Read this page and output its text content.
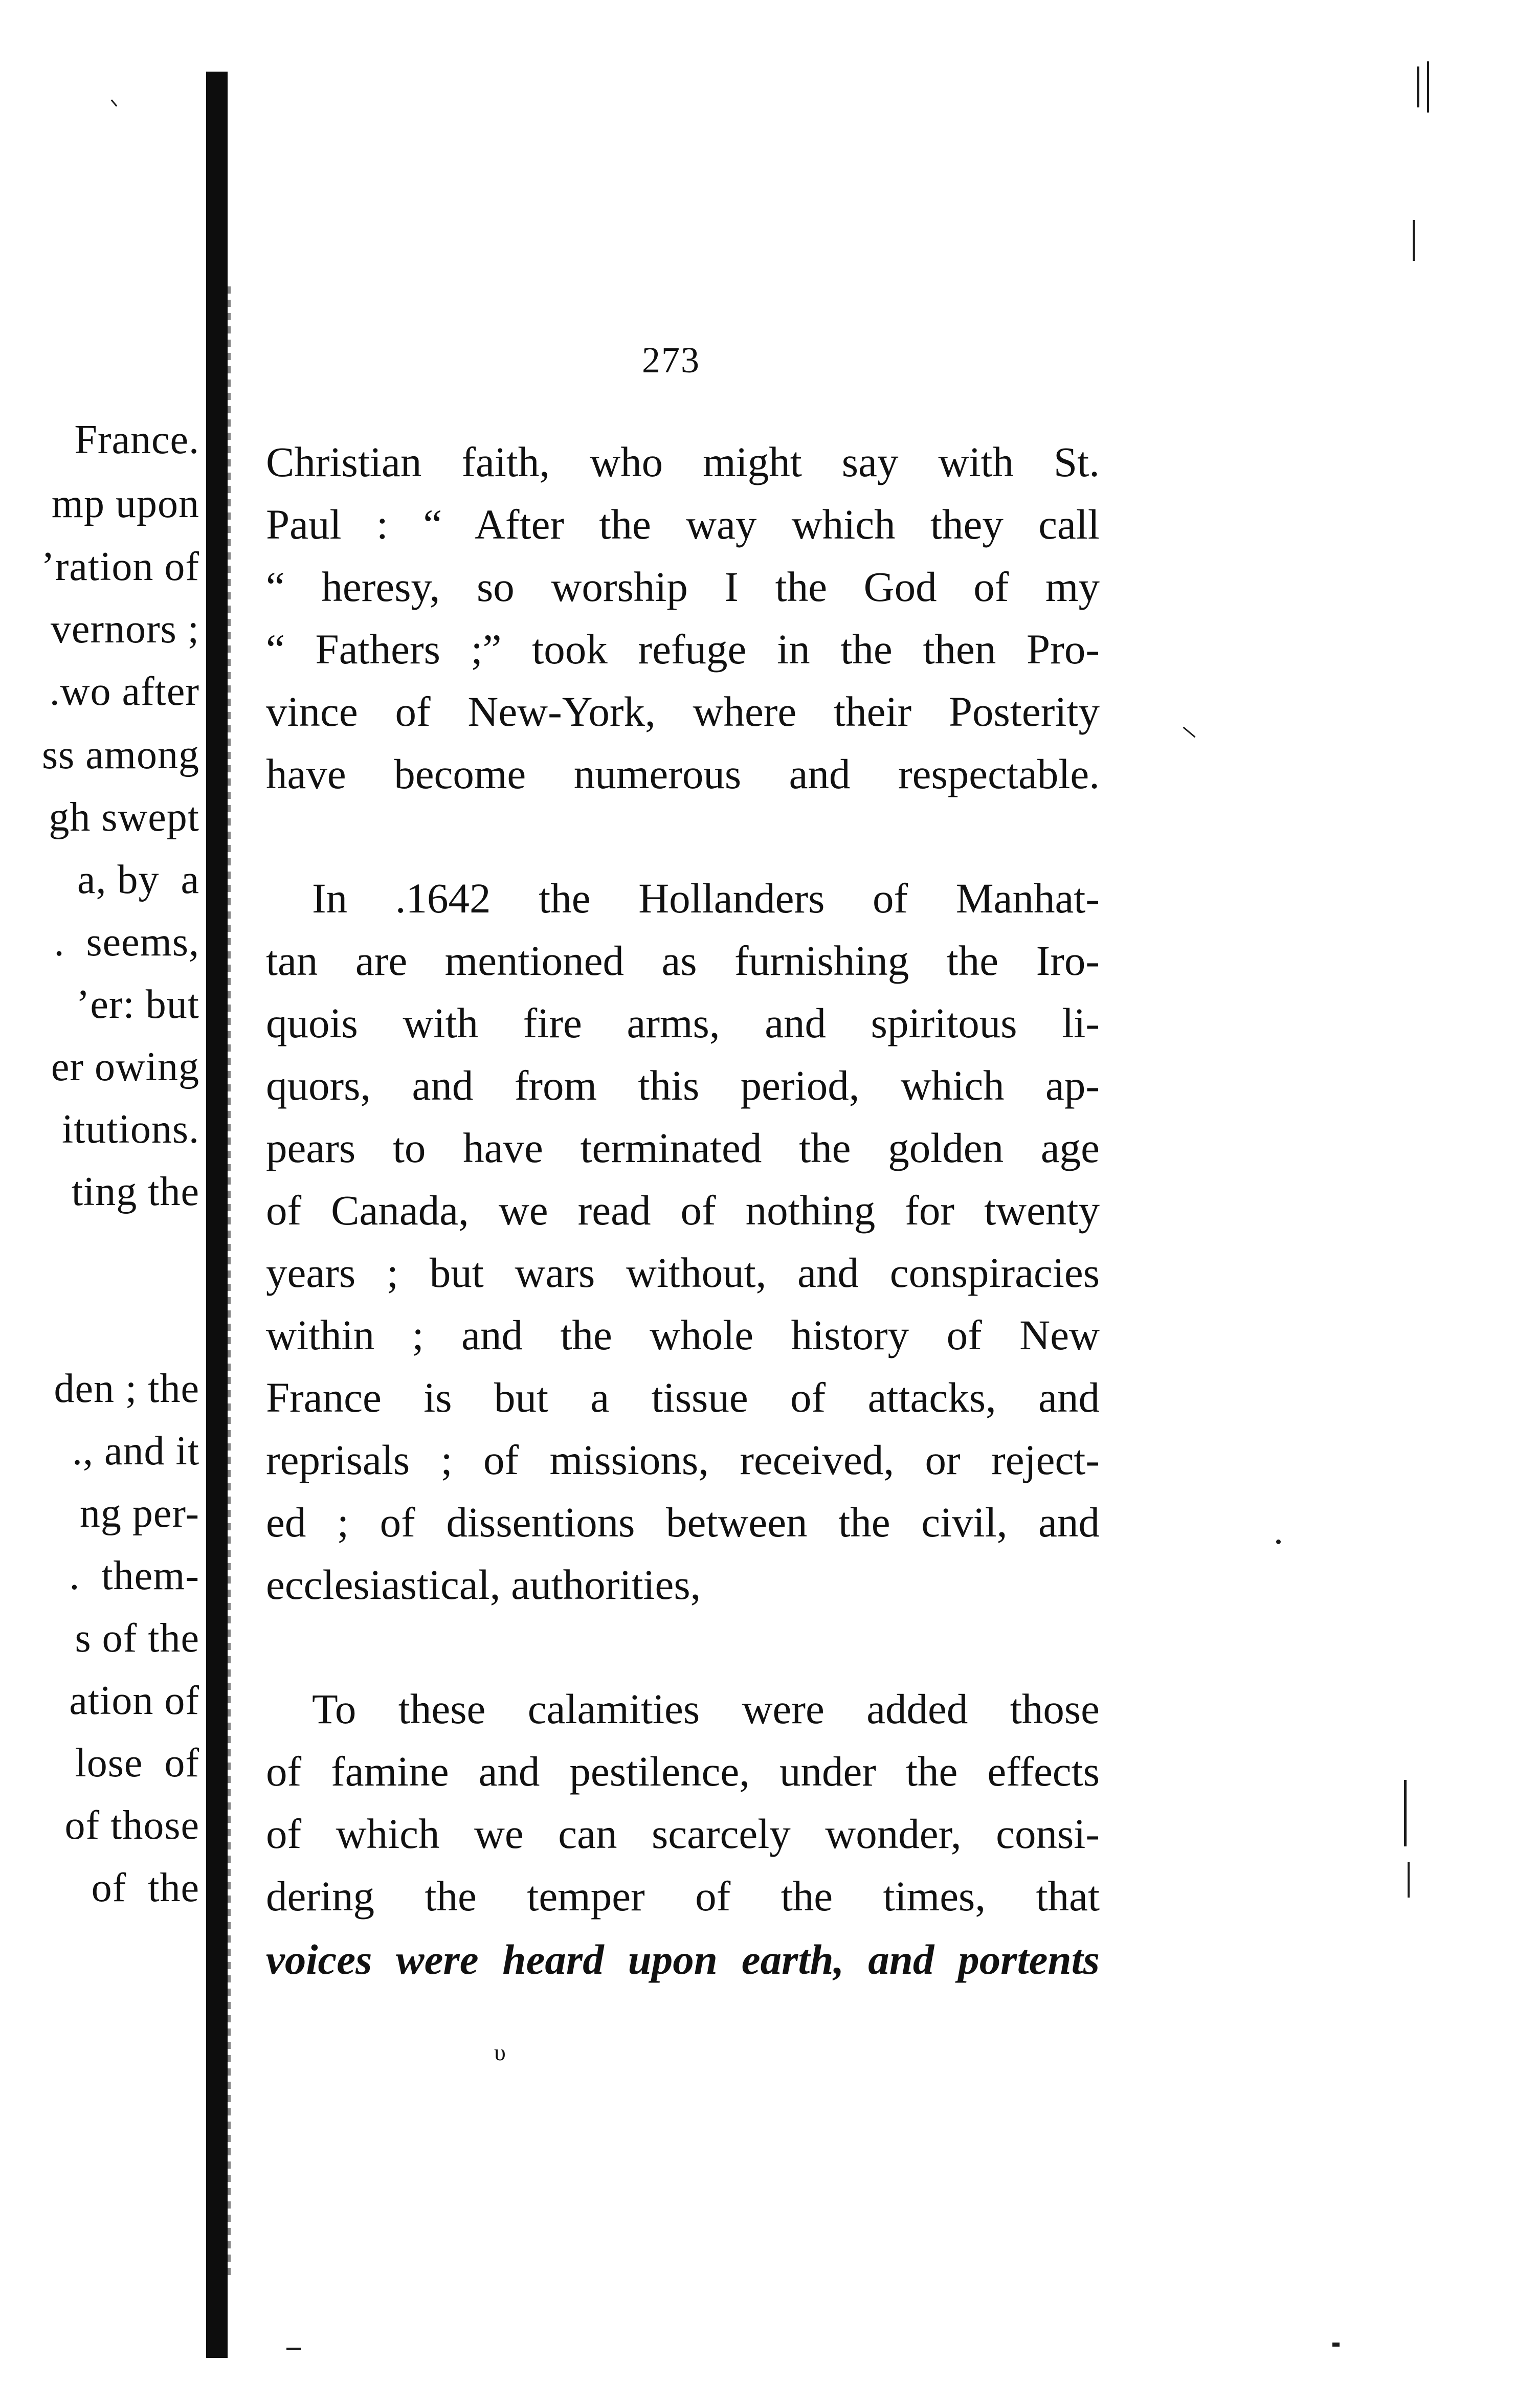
France.
mp upon
’ration of
vernors ;
.wo after
ss among
gh swept
a, by  a
.  seems,
’er: but
er owing
itutions.
ting the
den ; the
., and it
ng per-
.  them-
s of the
ation of
lose  of
of those
of  the
273
Christian faith, who might say with St.
Paul : “ After the way which they call
“ heresy, so worship I the God of my
“ Fathers ;” took refuge in the then Pro-
vince of New-York, where their Posterity
have become numerous and respectable.
In .1642 the Hollanders of Manhat-
tan are mentioned as furnishing the Iro-
quois with fire arms, and spiritous li-
quors, and from this period, which ap-
pears to have terminated the golden age
of Canada, we read of nothing for twenty
years ; but wars without, and conspiracies
within ; and the whole history of New
France is but a tissue of attacks, and
reprisals ; of missions, received, or reject-
ed ; of dissentions between the civil, and
ecclesiastical, authorities,
To these calamities were added those
of famine and pestilence, under the effects
of which we can scarcely wonder, consi-
dering the temper of the times, that
voices were heard upon earth, and portents
υ
